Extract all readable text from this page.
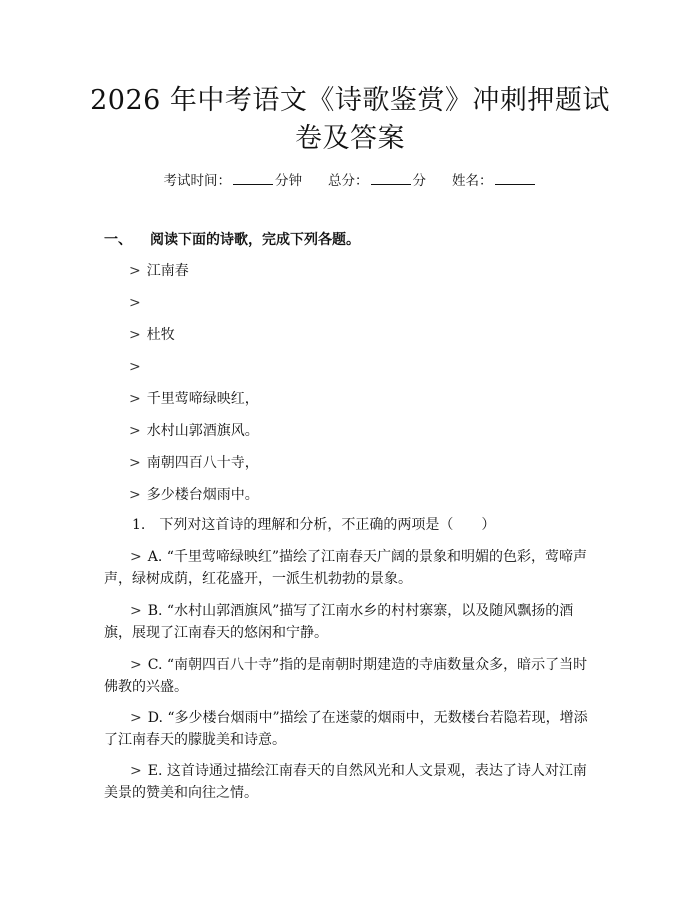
2026 年中考语文《诗歌鉴赏》冲刺押题试卷及答案
考试时间：	分钟 总分：	分 姓名：
一、 阅读下面的诗歌，完成下列各题。
> 江南春
>
> 杜牧
>
> 千里莺啼绿映红，
> 水村山郭酒旗风。
> 南朝四百八十寺，
> 多少楼台烟雨中。
1. 下列对这首诗的理解和分析，不正确的两项是（　　）
> A. “千里莺啼绿映红”描绘了江南春天广阔的景象和明媚的色彩，莺啼声声，绿树成荫，红花盛开，一派生机勃勃的景象。
> B. “水村山郭酒旗风”描写了江南水乡的村村寨寨，以及随风飘扬的酒旗，展现了江南春天的悠闲和宁静。
> C. “南朝四百八十寺”指的是南朝时期建造的寺庙数量众多，暗示了当时佛教的兴盛。
> D. “多少楼台烟雨中”描绘了在迷蒙的烟雨中，无数楼台若隐若现，增添了江南春天的朦胧美和诗意。
> E. 这首诗通过描绘江南春天的自然风光和人文景观，表达了诗人对江南美景的赞美和向往之情。
